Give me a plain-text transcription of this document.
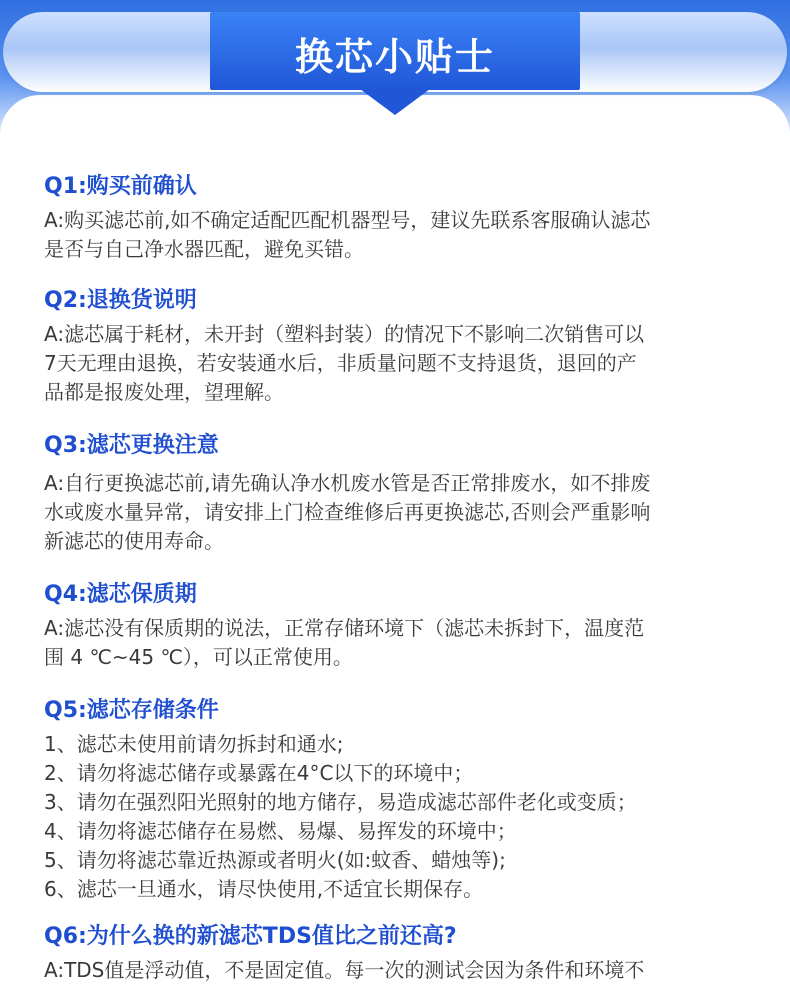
换芯小贴士
Q1:购买前确认
A:购买滤芯前,如不确定适配匹配机器型号，建议先联系客服确认滤芯
是否与自己净水器匹配，避免买错。
Q2:退换货说明
A:滤芯属于耗材，未开封（塑料封装）的情况下不影响二次销售可以
7天无理由退换，若安装通水后，非质量问题不支持退货，退回的产
品都是报废处理，望理解。
Q3:滤芯更换注意
A:自行更换滤芯前,请先确认净水机废水管是否正常排废水，如不排废
水或废水量异常，请安排上门检查维修后再更换滤芯,否则会严重影响
新滤芯的使用寿命。
Q4:滤芯保质期
A:滤芯没有保质期的说法，正常存储环境下（滤芯未拆封下，温度范
围 4 ℃~45 ℃），可以正常使用。
Q5:滤芯存储条件
1、滤芯未使用前请勿拆封和通水;
2、请勿将滤芯储存或暴露在4°C以下的环境中；
3、请勿在强烈阳光照射的地方储存，易造成滤芯部件老化或变质；
4、请勿将滤芯储存在易燃、易爆、易挥发的环境中；
5、请勿将滤芯靠近热源或者明火(如:蚊香、蜡烛等);
6、滤芯一旦通水，请尽快使用,不适宜长期保存。
Q6:为什么换的新滤芯TDS值比之前还高?
A:TDS值是浮动值，不是固定值。每一次的测试会因为条件和环境不
